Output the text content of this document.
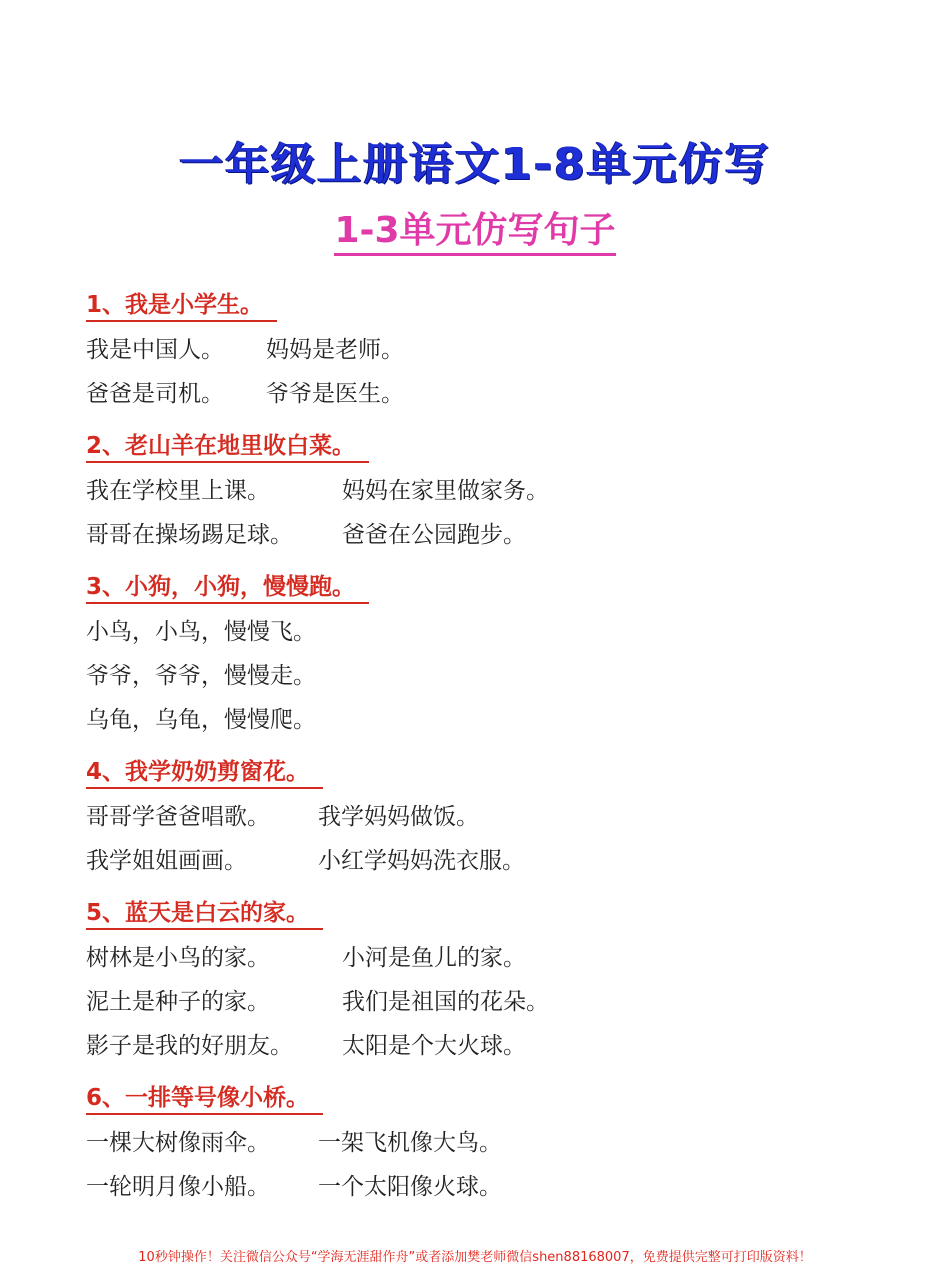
一年级上册语文1-8单元仿写
1-3单元仿写句子
1、我是小学生。
我是中国人。	妈妈是老师。
爸爸是司机。	爷爷是医生。
2、老山羊在地里收白菜。
我在学校里上课。	妈妈在家里做家务。
哥哥在操场踢足球。	爸爸在公园跑步。
3、小狗，小狗，慢慢跑。
小鸟，小鸟，慢慢飞。
爷爷，爷爷，慢慢走。
乌龟，乌龟，慢慢爬。
4、我学奶奶剪窗花。
哥哥学爸爸唱歌。	我学妈妈做饭。
我学姐姐画画。	小红学妈妈洗衣服。
5、蓝天是白云的家。
树林是小鸟的家。	小河是鱼儿的家。
泥土是种子的家。	我们是祖国的花朵。
影子是我的好朋友。	太阳是个大火球。
6、一排等号像小桥。
一棵大树像雨伞。	一架飞机像大鸟。
一轮明月像小船。	一个太阳像火球。
10秒钟操作！关注微信公众号“学海无涯甜作舟”或者添加樊老师微信shen88168007，免费提供完整可打印版资料！
